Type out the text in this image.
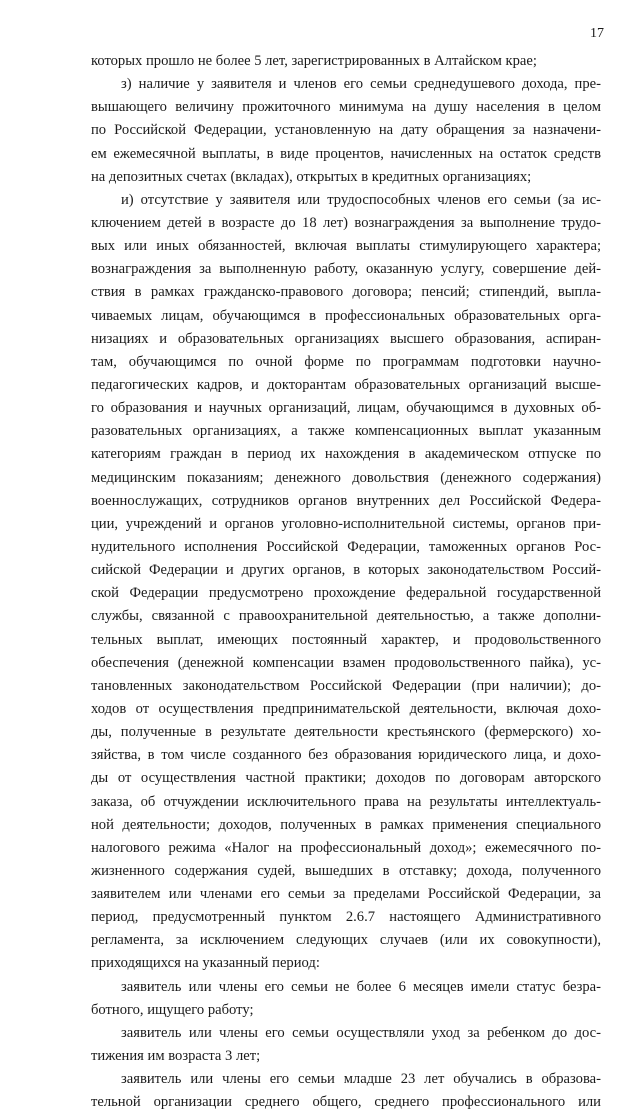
17
которых прошло не более 5 лет, зарегистрированных в Алтайском крае;
з) наличие у заявителя и членов его семьи среднедушевого дохода, пре-
вышающего величину прожиточного минимума на душу населения в целом
по Российской Федерации, установленную на дату обращения за назначени-
ем ежемесячной выплаты, в виде процентов, начисленных на остаток средств
на депозитных счетах (вкладах), открытых в кредитных организациях;
и) отсутствие у заявителя или трудоспособных членов его семьи (за ис-
ключением детей в возрасте до 18 лет) вознаграждения за выполнение трудо-
вых или иных обязанностей, включая выплаты стимулирующего характера;
вознаграждения за выполненную работу, оказанную услугу, совершение дей-
ствия в рамках гражданско-правового договора; пенсий; стипендий, выпла-
чиваемых лицам, обучающимся в профессиональных образовательных орга-
низациях и образовательных организациях высшего образования, аспиран-
там, обучающимся по очной форме по программам подготовки научно-
педагогических кадров, и докторантам образовательных организаций высше-
го образования и научных организаций, лицам, обучающимся в духовных об-
разовательных организациях, а также компенсационных выплат указанным
категориям граждан в период их нахождения в академическом отпуске по
медицинским показаниям; денежного довольствия (денежного содержания)
военнослужащих, сотрудников органов внутренних дел Российской Федера-
ции, учреждений и органов уголовно-исполнительной системы, органов при-
нудительного исполнения Российской Федерации, таможенных органов Рос-
сийской Федерации и других органов, в которых законодательством Россий-
ской Федерации предусмотрено прохождение федеральной государственной
службы, связанной с правоохранительной деятельностью, а также дополни-
тельных выплат, имеющих постоянный характер, и продовольственного
обеспечения (денежной компенсации взамен продовольственного пайка), ус-
тановленных законодательством Российской Федерации (при наличии); до-
ходов от осуществления предпринимательской деятельности, включая дохо-
ды, полученные в результате деятельности крестьянского (фермерского) хо-
зяйства, в том числе созданного без образования юридического лица, и дохо-
ды от осуществления частной практики; доходов по договорам авторского
заказа, об отчуждении исключительного права на результаты интеллектуаль-
ной деятельности; доходов, полученных в рамках применения специального
налогового режима «Налог на профессиональный доход»; ежемесячного по-
жизненного содержания судей, вышедших в отставку; дохода, полученного
заявителем или членами его семьи за пределами Российской Федерации, за
период, предусмотренный пунктом 2.6.7 настоящего Административного
регламента, за исключением следующих случаев (или их совокупности),
приходящихся на указанный период:
заявитель или члены его семьи не более 6 месяцев имели статус безра-
ботного, ищущего работу;
заявитель или члены его семьи осуществляли уход за ребенком до дос-
тижения им возраста 3 лет;
заявитель или члены его семьи младше 23 лет обучались в образова-
тельной организации среднего общего, среднего профессионального или
